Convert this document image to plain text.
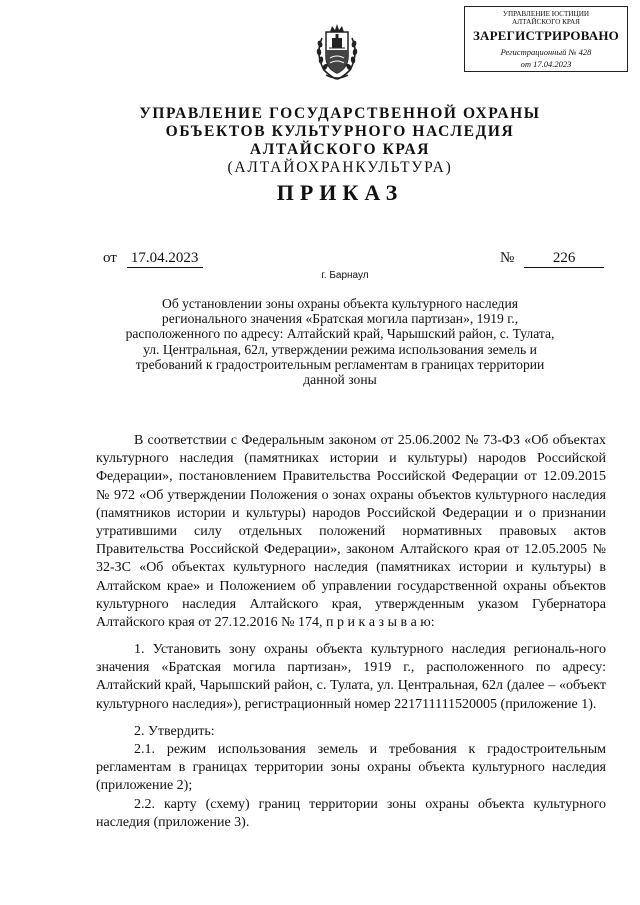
УПРАВЛЕНИЕ ЮСТИЦИИ
АЛТАЙСКОГО КРАЯ
ЗАРЕГИСТРИРОВАНО
Регистрационный № 428
от 17.04.2023
УПРАВЛЕНИЕ ГОСУДАРСТВЕННОЙ ОХРАНЫ
ОБЪЕКТОВ КУЛЬТУРНОГО НАСЛЕДИЯ
АЛТАЙСКОГО КРАЯ
(АЛТАЙОХРАНКУЛЬТУРА)
ПРИКАЗ
от 17.04.2023	№	226
г. Барнаул
Об установлении зоны охраны объекта культурного наследия регионального значения «Братская могила партизан», 1919 г., расположенного по адресу: Алтайский край, Чарышский район, с. Тулата, ул. Центральная, 62л, утверждении режима использования земель и требований к градостроительным регламентам в границах территории данной зоны
В соответствии с Федеральным законом от 25.06.2002 № 73-ФЗ «Об объектах культурного наследия (памятниках истории и культуры) народов Российской Федерации», постановлением Правительства Российской Федерации от 12.09.2015 № 972 «Об утверждении Положения о зонах охраны объектов культурного наследия (памятников истории и культуры) народов Российской Федерации и о признании утратившими силу отдельных положений нормативных правовых актов Правительства Российской Федерации», законом Алтайского края от 12.05.2005 № 32-ЗС «Об объектах культурного наследия (памятниках истории и культуры) в Алтайском крае» и Положением об управлении государственной охраны объектов культурного наследия Алтайского края, утвержденным указом Губернатора Алтайского края от 27.12.2016 № 174, п р и к а з ы в а ю:
1. Установить зону охраны объекта культурного наследия региональ-ного значения «Братская могила партизан», 1919 г., расположенного по адресу: Алтайский край, Чарышский район, с. Тулата, ул. Центральная, 62л (далее – «объект культурного наследия»), регистрационный номер 221711111520005 (приложение 1).
2. Утвердить:
2.1. режим использования земель и требования к градостроительным регламентам в границах территории зоны охраны объекта культурного наследия (приложение 2);
2.2. карту (схему) границ территории зоны охраны объекта культурного наследия (приложение 3).
